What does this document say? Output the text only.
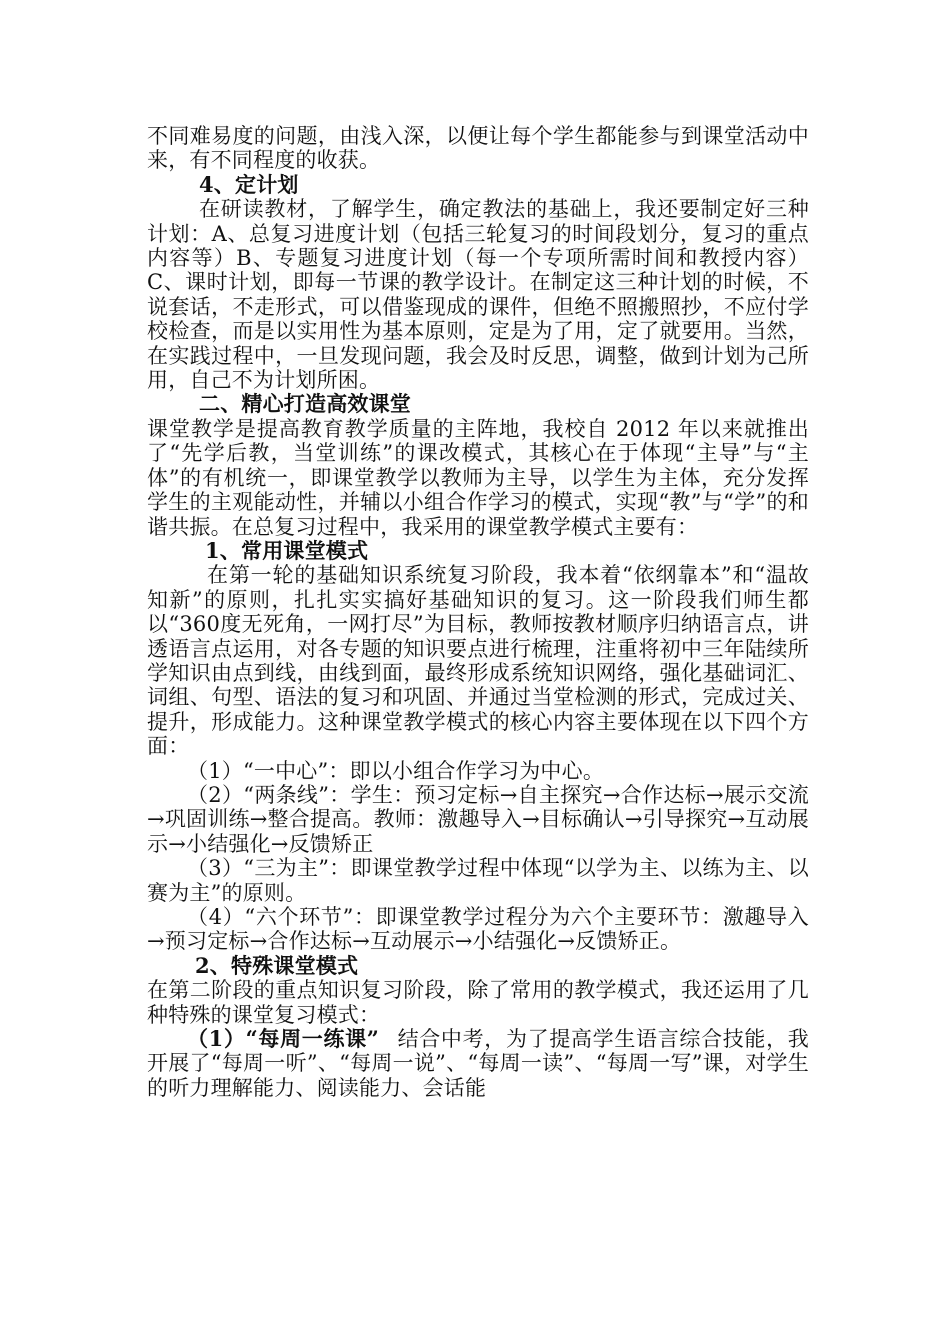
不同难易度的问题，由浅入深，以便让每个学生都能参与到课堂活动中来，有不同程度的收获。

4、定计划

在研读教材，了解学生，确定教法的基础上，我还要制定好三种计划：A、总复习进度计划（包括三轮复习的时间段划分，复习的重点内容等）B、专题复习进度计划（每一个专项所需时间和教授内容）C、课时计划，即每一节课的教学设计。在制定这三种计划的时候，不说套话，不走形式，可以借鉴现成的课件，但绝不照搬照抄，不应付学校检查，而是以实用性为基本原则，定是为了用，定了就要用。当然，在实践过程中，一旦发现问题，我会及时反思，调整，做到计划为己所用，自己不为计划所困。

二、精心打造高效课堂

课堂教学是提高教育教学质量的主阵地，我校自 2012 年以来就推出了“先学后教，当堂训练”的课改模式，其核心在于体现“主导”与“主体”的有机统一，即课堂教学以教师为主导，以学生为主体，充分发挥学生的主观能动性，并辅以小组合作学习的模式，实现“教”与“学”的和谐共振。在总复习过程中，我采用的课堂教学模式主要有：

1、常用课堂模式

在第一轮的基础知识系统复习阶段，我本着“依纲靠本”和“温故知新”的原则，扎扎实实搞好基础知识的复习。这一阶段我们师生都以“360度无死角，一网打尽”为目标，教师按教材顺序归纳语言点，讲透语言点运用，对各专题的知识要点进行梳理，注重将初中三年陆续所学知识由点到线，由线到面，最终形成系统知识网络，强化基础词汇、词组、句型、语法的复习和巩固、并通过当堂检测的形式，完成过关、提升，形成能力。这种课堂教学模式的核心内容主要体现在以下四个方面：

（1）“一中心”：即以小组合作学习为中心。

（2）“两条线”：学生：预习定标→自主探究→合作达标→展示交流→巩固训练→整合提高。教师：激趣导入→目标确认→引导探究→互动展示→小结强化→反馈矫正

（3）“三为主”：即课堂教学过程中体现“以学为主、以练为主、以赛为主”的原则。

（4）“六个环节”：即课堂教学过程分为六个主要环节：激趣导入→预习定标→合作达标→互动展示→小结强化→反馈矫正。

2、特殊课堂模式

在第二阶段的重点知识复习阶段，除了常用的教学模式，我还运用了几种特殊的课堂复习模式：

（1）“每周一练课” 结合中考，为了提高学生语言综合技能，我开展了“每周一听”、“每周一说”、“每周一读”、“每周一写”课，对学生的听力理解能力、阅读能力、会话能
